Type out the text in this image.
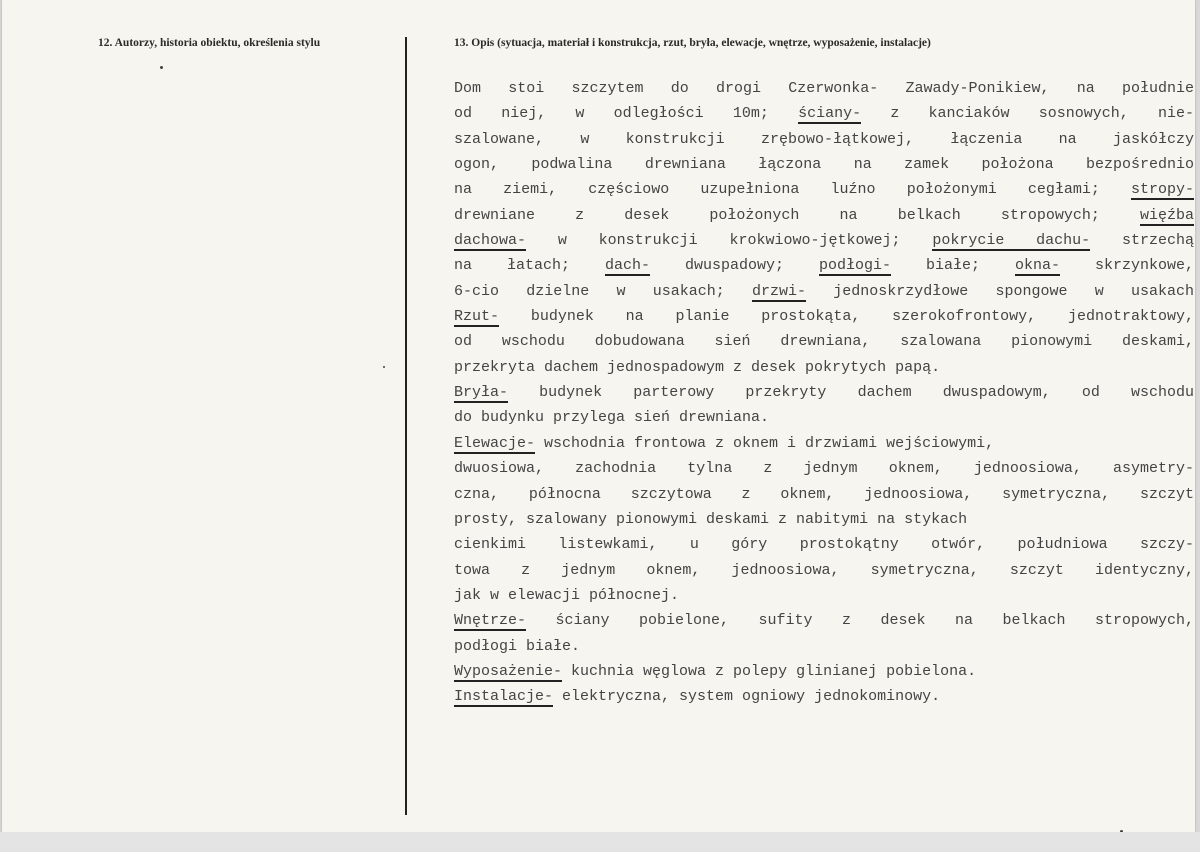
12. Autorzy, historia obiektu, określenia stylu	13. Opis (sytuacja, materiał i konstrukcja, rzut, bryła, elewacje, wnętrze, wyposażenie, instalacje)
Dom stoi szczytem do drogi Czerwonka- Zawady-Ponikiew, na południe
od niej, w odległości 10m; ściany- z kanciaków sosnowych, nie-
szalowane, w konstrukcji zrębowo-łątkowej, łączenia na jaskółczy
ogon, podwalina drewniana łączona na zamek położona bezpośrednio
na ziemi, częściowo uzupełniona luźno położonymi cegłami; stropy-
drewniane z desek położonych na belkach stropowych; więźba
dachowa- w konstrukcji krokwiowo-jętkowej; pokrycie dachu- strzechą
na łatach; dach- dwuspadowy; podłogi- białe; okna- skrzynkowe,
6-cio dzielne w usakach; drzwi- jednoskrzydłowe spongowe w usakach
Rzut- budynek na planie prostokąta, szerokofrontowy, jednotraktowy,
od wschodu dobudowana sień drewniana, szalowana pionowymi deskami,
przekryta dachem jednospadowym z desek pokrytych papą.
Bryła- budynek parterowy przekryty dachem dwuspadowym, od wschodu
do budynku przylega sień drewniana.
Elewacje- wschodnia frontowa z oknem i drzwiami wejściowymi,
dwuosiowa, zachodnia tylna z jednym oknem, jednoosiowa, asymetry-
czna, północna szczytowa z oknem, jednoosiowa, symetryczna, szczyt
prosty, szalowany pionowymi deskami z nabitymi na stykach
cienkimi listewkami, u góry prostokątny otwór, południowa szczy-
towa z jednym oknem, jednoosiowa, symetryczna, szczyt identyczny,
jak w elewacji północnej.
Wnętrze- ściany pobielone, sufity z desek na belkach stropowych,
podłogi białe.
Wyposażenie- kuchnia węglowa z polepy glinianej pobielona.
Instalacje- elektryczna, system ogniowy jednokominowy.
